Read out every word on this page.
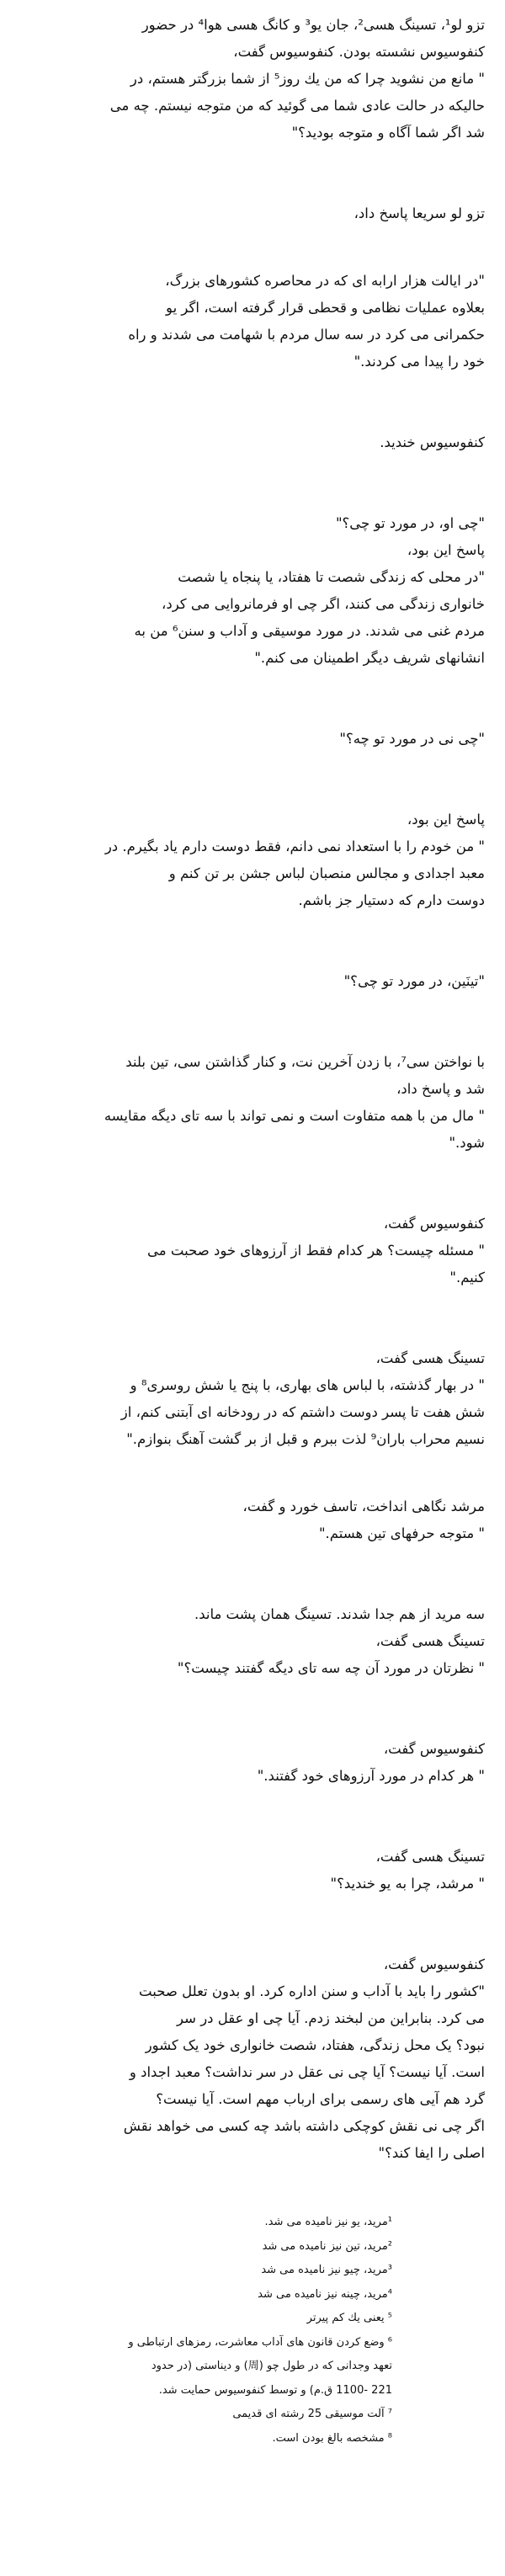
تزو لو¹، تسینگ هسی²، جان یو³ و کانگ هسی هوا⁴ در حضور
کنفوسیوس نشسته بودن. کنفوسیوس گفت،
" مانع من نشوید چرا که من یك روز⁵ از شما بزرگتر هستم، در
حالیکه در حالت عادی شما می گوئید که من متوجه نیستم. چه می
شد اگر شما آگاه و متوجه بودید؟"
تزو لو سریعا پاسخ داد،
"در ایالت هزار ارابه ای که در محاصره کشورهای بزرگ،
بعلاوه عملیات نظامی و قحطی قرار گرفته است، اگر یو
حکمرانی می کرد در سه سال مردم با شهامت می شدند و راه
خود را پیدا می کردند."
کنفوسیوس خندید.
"چی او، در مورد تو چی؟"
پاسخ این بود،
"در محلی که زندگی شصت تا هفتاد، یا پنجاه یا شصت
خانواری زندگی می کنند، اگر چی او فرمانروایی می کرد،
مردم غنی می شدند. در مورد موسیقی و آداب و سنن⁶ من به
انشانهای شریف دیگر اطمینان می کنم."
"چی نی در مورد تو چه؟"
پاسخ این بود،
" من خودم را با استعداد نمی دانم، فقط دوست دارم یاد بگیرم. در
معبد اجدادی و مجالس منصبان لباس جشن بر تن کنم و
دوست دارم که دستیار جز باشم.
"تینَین، در مورد تو چی؟"
با نواختن سی⁷، با زدن آخرین نت، و کنار گذاشتن سی، تین بلند
شد و پاسخ داد،
" مال من با همه متفاوت است و نمی تواند با سه تای دیگه مقایسه
شود."
کنفوسیوس گفت،
" مسئله چیست؟ هر کدام فقط از آرزوهای خود صحبت می
کنیم."
تسینگ هسی گفت،
" در بهار گذشته، با لباس های بهاری، با پنج یا شش روسری⁸ و
شش هفت تا پسر دوست داشتم که در رودخانه ای آبتنی کنم، از
نسیم محراب باران⁹ لذت ببرم و قبل از بر گشت آهنگ بنوازم."
مرشد نگاهی انداخت، تاسف خورد و گفت،
" متوجه حرفهای تین هستم."
سه مرید از هم جدا شدند. تسینگ همان پشت ماند.
تسینگ هسی گفت،
" نظرتان در مورد آن چه سه تای دیگه گفتند چیست؟"
کنفوسیوس گفت،
" هر کدام در مورد آرزوهای خود گفتند."
تسینگ هسی گفت،
" مرشد، چرا به یو خندید؟"
کنفوسیوس گفت،
"کشور را باید با آداب و سنن اداره کرد. او بدون تعلل صحبت
می کرد. بنابراین من لبخند زدم. آیا چی او عقل در سر
نبود؟ یک محل زندگی، هفتاد، شصت خانواری خود یک کشور
است. آیا نیست؟ آیا چی نی عقل در سر نداشت؟ معبد اجداد و
گرد هم آیی های رسمی برای ارباب مهم است. آیا نیست؟
اگر چی نی نقش کوچکی داشته باشد چه کسی می خواهد نقش
اصلی را ایفا کند؟"

¹مرید، یو نیز نامیده می شد.

²مرید، تین نیز نامیده می شد

³مرید، چیو نیز نامیده می شد

⁴مرید، چینه نیز نامیده می شد

⁵ یعنی یك کم پیرتر

⁶ وضع کردن قانون های آداب معاشرت، رمزهای ارتباطی و

تعهد وجدانی که در طول چو (周) و دیناستی (در حدود

221 -1100 ق.م) و توسط کنفوسیوس حمایت شد.

⁷ آلت موسیقی 25 رشته ای قدیمی

⁸ مشخصه بالغ بودن است.
